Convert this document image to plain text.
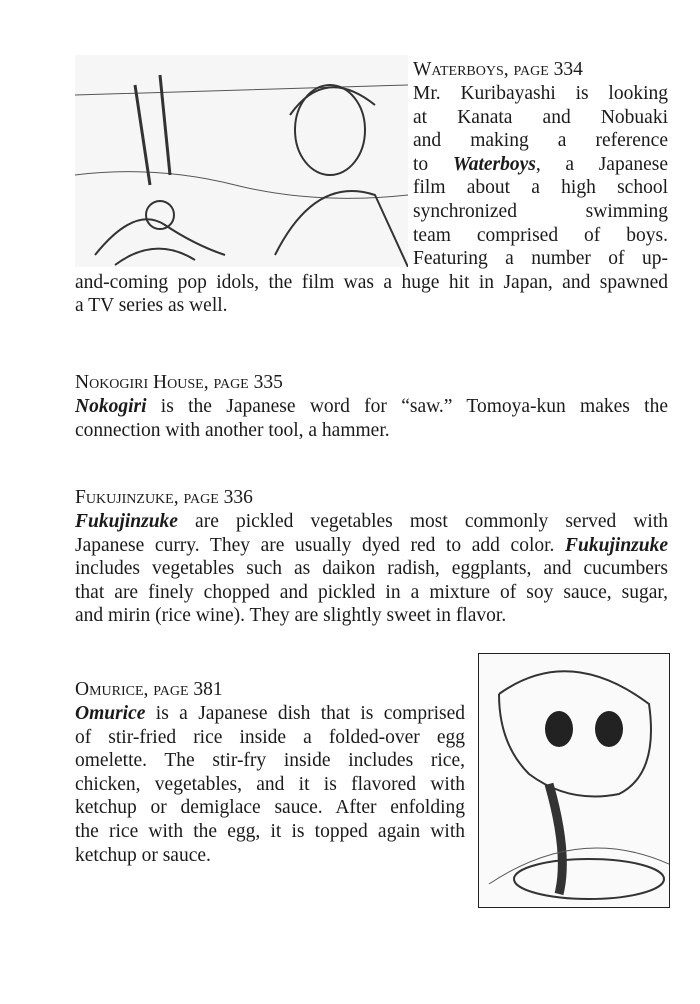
Waterboys, page 334
Mr. Kuribayashi is looking
at Kanata and Nobuaki
and making a reference
to Waterboys, a Japanese
film about a high school
synchronized swimming
team comprised of boys.
Featuring a number of up-
and-coming pop idols, the film was a huge hit in Japan, and spawned
a TV series as well.
Nokogiri House, page 335
Nokogiri is the Japanese word for “saw.” Tomoya-kun makes the
connection with another tool, a hammer.
Fukujinzuke, page 336
Fukujinzuke are pickled vegetables most commonly served with
Japanese curry. They are usually dyed red to add color. Fukujinzuke
includes vegetables such as daikon radish, eggplants, and cucumbers
that are finely chopped and pickled in a mixture of soy sauce, sugar,
and mirin (rice wine). They are slightly sweet in flavor.
Omurice, page 381
Omurice is a Japanese dish that is comprised
of stir-fried rice inside a folded-over egg
omelette. The stir-fry inside includes rice,
chicken, vegetables, and it is flavored with
ketchup or demiglace sauce. After enfolding
the rice with the egg, it is topped again with
ketchup or sauce.
